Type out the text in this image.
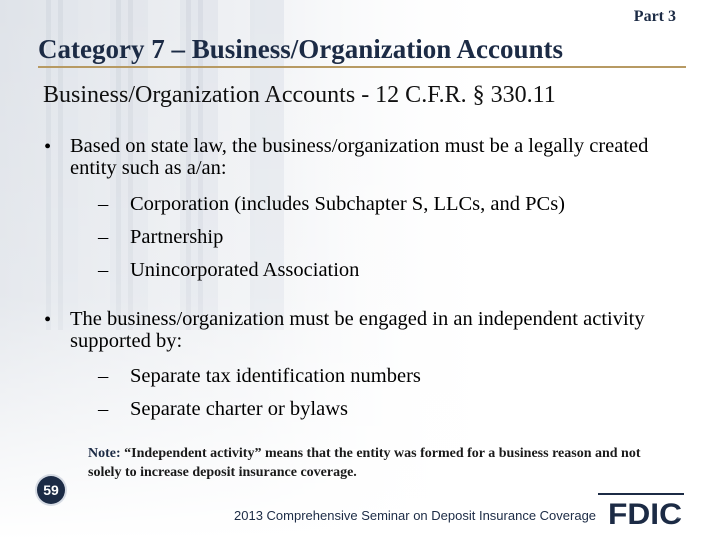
Part 3
Category 7 – Business/Organization Accounts
Business/Organization Accounts - 12 C.F.R. § 330.11
• Based on state law, the business/organization must be a legally created entity such as a/an:
– Corporation (includes Subchapter S, LLCs, and PCs)
– Partnership
– Unincorporated Association
• The business/organization must be engaged in an independent activity supported by:
– Separate tax identification numbers
– Separate charter or bylaws
Note: “Independent activity” means that the entity was formed for a business reason and not solely to increase deposit insurance coverage.
59
2013 Comprehensive Seminar on Deposit Insurance Coverage FDIC
